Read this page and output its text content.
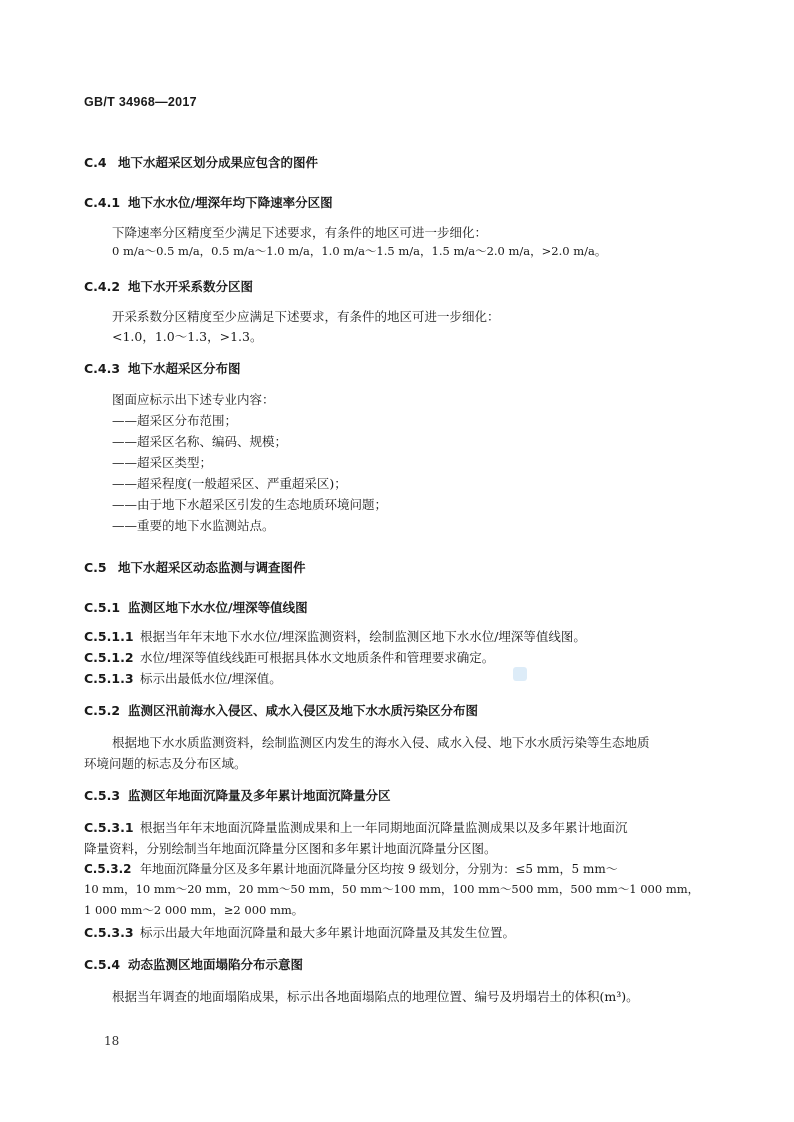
GB/T 34968—2017
C.4 地下水超采区划分成果应包含的图件
C.4.1 地下水水位/埋深年均下降速率分区图
下降速率分区精度至少满足下述要求，有条件的地区可进一步细化：
0 m/a～0.5 m/a，0.5 m/a～1.0 m/a，1.0 m/a～1.5 m/a，1.5 m/a～2.0 m/a，>2.0 m/a。
C.4.2 地下水开采系数分区图
开采系数分区精度至少应满足下述要求，有条件的地区可进一步细化：
<1.0，1.0～1.3，>1.3。
C.4.3 地下水超采区分布图
图面应标示出下述专业内容：
——超采区分布范围；
——超采区名称、编码、规模；
——超采区类型；
——超采程度(一般超采区、严重超采区)；
——由于地下水超采区引发的生态地质环境问题；
——重要的地下水监测站点。
C.5 地下水超采区动态监测与调查图件
C.5.1 监测区地下水水位/埋深等值线图
C.5.1.1 根据当年年末地下水水位/埋深监测资料，绘制监测区地下水水位/埋深等值线图。
C.5.1.2 水位/埋深等值线线距可根据具体水文地质条件和管理要求确定。
C.5.1.3 标示出最低水位/埋深值。
C.5.2 监测区汛前海水入侵区、咸水入侵区及地下水水质污染区分布图
根据地下水水质监测资料，绘制监测区内发生的海水入侵、咸水入侵、地下水水质污染等生态地质
环境问题的标志及分布区域。
C.5.3 监测区年地面沉降量及多年累计地面沉降量分区
C.5.3.1 根据当年年末地面沉降量监测成果和上一年同期地面沉降量监测成果以及多年累计地面沉
降量资料，分别绘制当年地面沉降量分区图和多年累计地面沉降量分区图。
C.5.3.2 年地面沉降量分区及多年累计地面沉降量分区均按 9 级划分，分别为：≤5 mm，5 mm～
10 mm，10 mm～20 mm，20 mm～50 mm，50 mm～100 mm，100 mm～500 mm，500 mm～1 000 mm，
1 000 mm～2 000 mm，≥2 000 mm。
C.5.3.3 标示出最大年地面沉降量和最大多年累计地面沉降量及其发生位置。
C.5.4 动态监测区地面塌陷分布示意图
根据当年调查的地面塌陷成果，标示出各地面塌陷点的地理位置、编号及坍塌岩土的体积(m³)。
18
